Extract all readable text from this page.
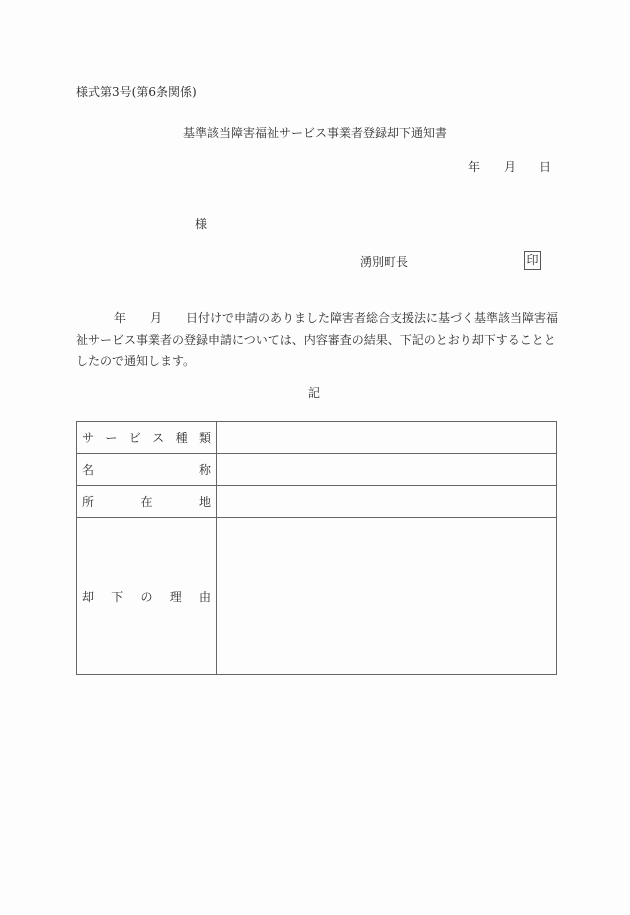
様式第3号(第6条関係)
基準該当障害福祉サービス事業者登録却下通知書
年 月 日
様
湧別町長	印
年 月 日付けで申請のありました障害者総合支援法に基づく基準該当障害福
祉サービス事業者の登録申請については、内容審査の結果、下記のとおり却下することと
したので通知します。
記
サ ー ビ ス 種 類

名 称	

所 在 地	

却 下 の 理 由	
